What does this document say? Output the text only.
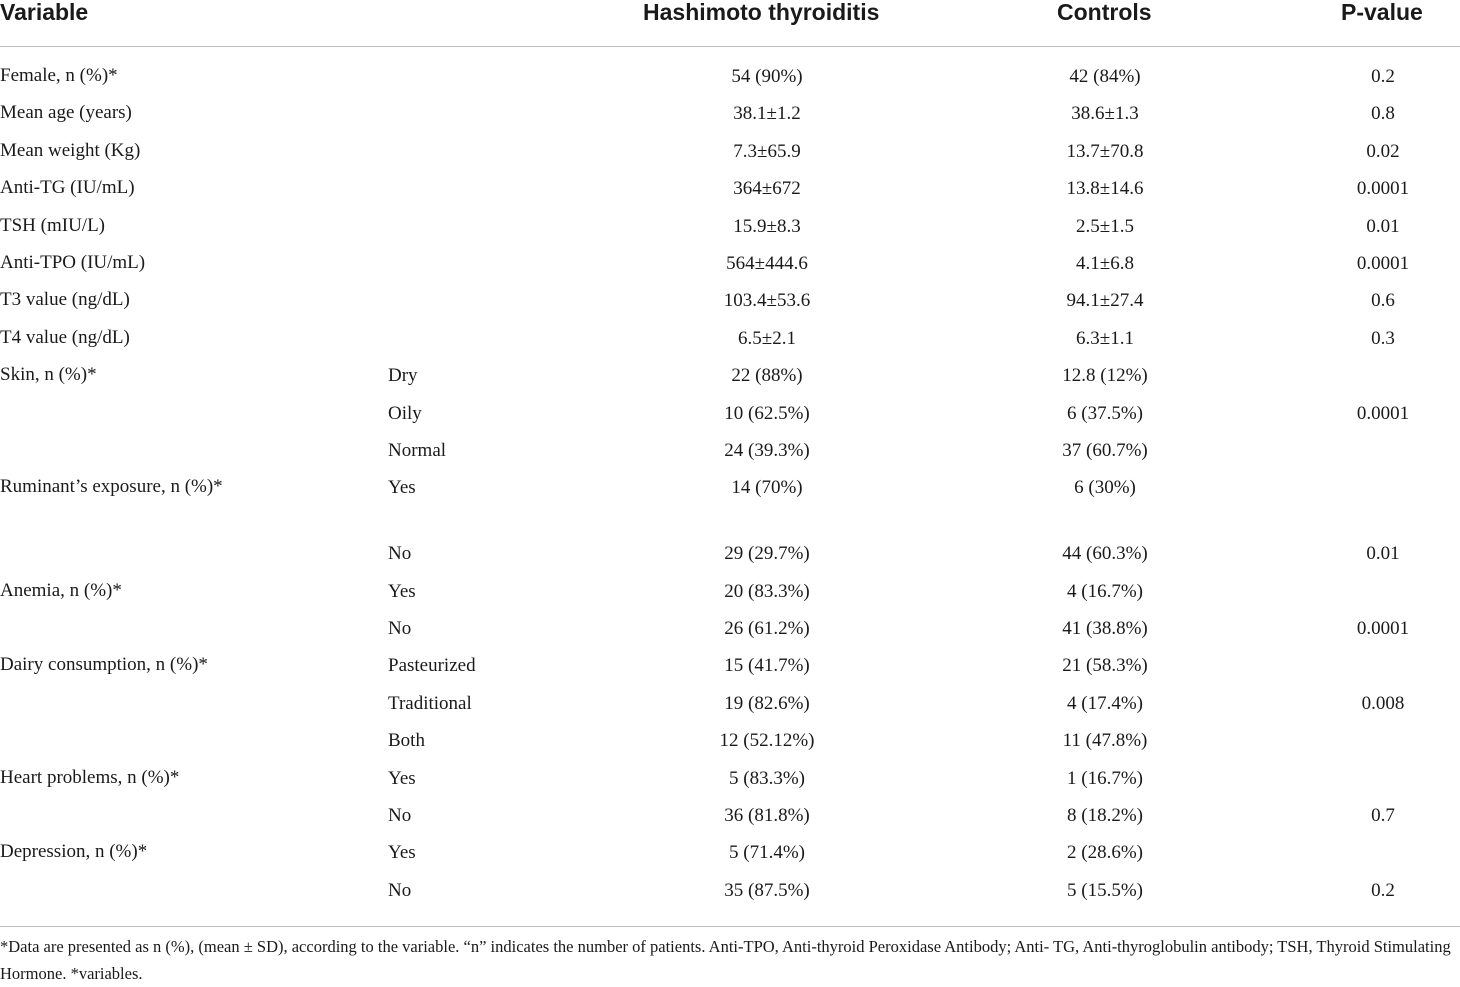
Variable	Hashimoto thyroiditis	Controls	P-value
Female, n (%)*	54 (90%)	42 (84%)	0.2
Mean age (years)	38.1±1.2	38.6±1.3	0.8
Mean weight (Kg)	7.3±65.9	13.7±70.8	0.02
Anti-TG (IU/mL)	364±672	13.8±14.6	0.0001
TSH (mIU/L)	15.9±8.3	2.5±1.5	0.01
Anti-TPO (IU/mL)	564±444.6	4.1±6.8	0.0001
T3 value (ng/dL)	103.4±53.6	94.1±27.4	0.6
T4 value (ng/dL)	6.5±2.1	6.3±1.1	0.3
Skin, n (%)*	Dry	22 (88%)	12.8 (12%)
Oily	10 (62.5%)	6 (37.5%)	0.0001
Normal	24 (39.3%)	37 (60.7%)
Ruminant’s exposure, n (%)*	Yes	14 (70%)	6 (30%)
No	29 (29.7%)	44 (60.3%)	0.01
Anemia, n (%)*	Yes	20 (83.3%)	4 (16.7%)
No	26 (61.2%)	41 (38.8%)	0.0001
Dairy consumption, n (%)*	Pasteurized	15 (41.7%)	21 (58.3%)
Traditional	19 (82.6%)	4 (17.4%)	0.008
Both	12 (52.12%)	11 (47.8%)
Heart problems, n (%)*	Yes	5 (83.3%)	1 (16.7%)
No	36 (81.8%)	8 (18.2%)	0.7
Depression, n (%)*	Yes	5 (71.4%)	2 (28.6%)
No	35 (87.5%)	5 (15.5%)	0.2
*Data are presented as n (%), (mean ± SD), according to the variable. “n” indicates the number of patients. Anti-TPO, Anti-thyroid Peroxidase Antibody; Anti- TG, Anti-thyroglobulin antibody; TSH, Thyroid Stimulating Hormone. *variables.
